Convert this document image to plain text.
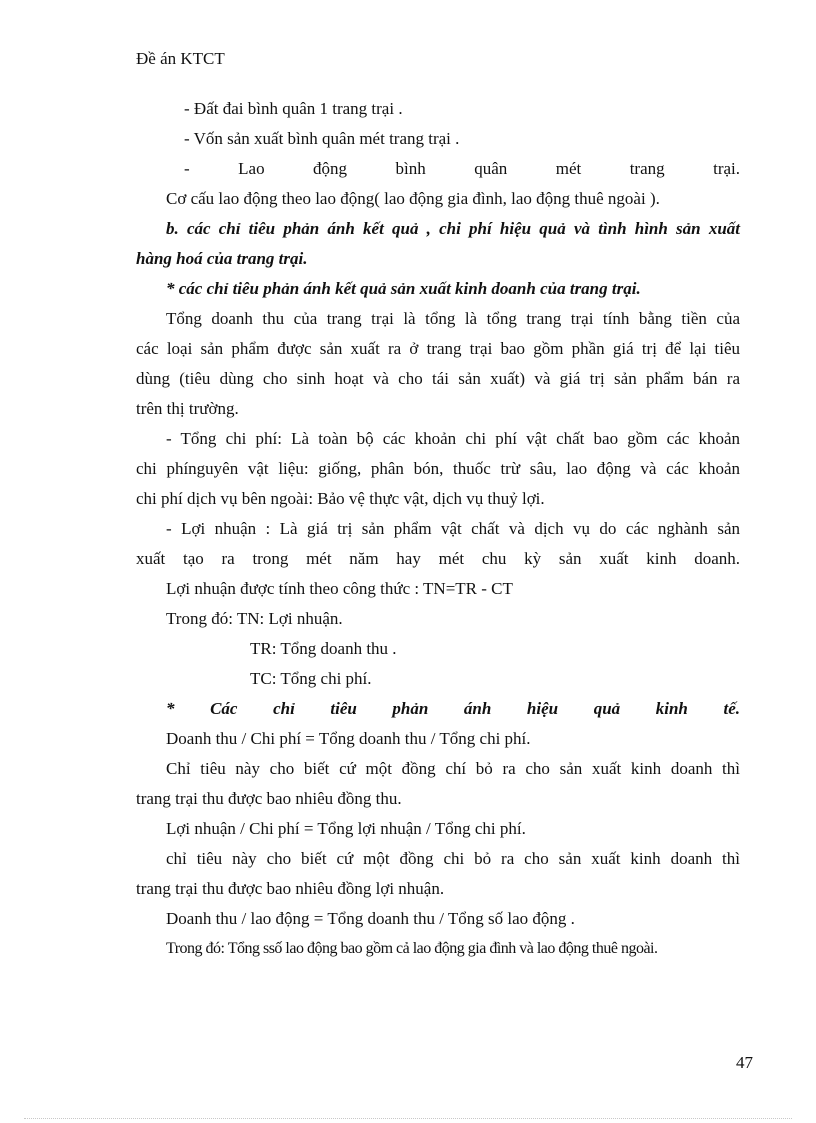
Đề án KTCT
- Đất đai bình quân 1 trang trại .
- Vốn sản xuất bình quân mét trang trại .
- Lao động bình quân mét trang trại.
Cơ cấu lao động theo lao động( lao động gia đình, lao động thuê ngoài ).
b. các chỉ tiêu phản ánh kết quả , chi phí hiệu quả và tình hình sản xuất
hàng hoá của trang trại.
* các chỉ tiêu phản ánh kết quả sản xuất kinh doanh của trang trại.
Tổng doanh thu của trang trại là tổng là tổng trang trại tính bằng tiền của
các loại sản phẩm được sản xuất ra ở trang trại bao gồm phần giá trị để lại tiêu
dùng (tiêu dùng cho sinh hoạt và cho tái sản xuất) và giá trị sản phẩm bán ra
trên thị trường.
- Tổng chi phí: Là toàn bộ các khoản chi phí vật chất bao gồm các khoản
chi phínguyên vật liệu: giống, phân bón, thuốc trừ sâu, lao động và các khoản
chi phí dịch vụ bên ngoài: Bảo vệ thực vật, dịch vụ thuỷ lợi.
- Lợi nhuận : Là giá trị sản phẩm vật chất và dịch vụ do các nghành sản
xuất tạo ra trong mét năm hay mét chu kỳ sản xuất kinh doanh.
Lợi nhuận được tính theo công thức : TN=TR - CT
Trong đó: TN: Lợi nhuận.
TR: Tổng doanh thu .
TC: Tổng chi phí.
* Các chỉ tiêu phản ánh hiệu quả kinh tế.
Doanh thu / Chi phí = Tổng doanh thu / Tổng chi phí.
Chỉ tiêu này cho biết cứ một đồng chí bỏ ra cho sản xuất kinh doanh thì
trang trại thu được bao nhiêu đồng thu.
Lợi nhuận / Chi phí = Tổng lợi nhuận / Tổng chi phí.
chỉ tiêu này cho biết cứ một đồng chi bỏ ra cho sản xuất kinh doanh thì
trang trại thu được bao nhiêu đồng lợi nhuận.
Doanh thu / lao động = Tổng doanh thu / Tổng số lao động .
Trong đó: Tổng ssố lao động bao gồm cả lao động gia đình và lao động thuê ngoài.
47
